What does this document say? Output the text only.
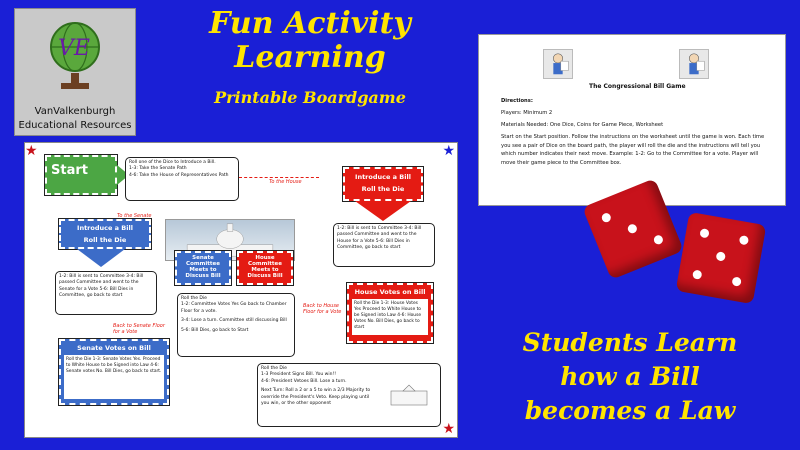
VE
VanValkenburgh
Educational Resources
Fun Activity
Learning
Printable Boardgame
The Congressional Bill Game
Directions:
Players: Minimum 2
Materials Needed: One Dice, Coins for Game Piece, Worksheet
Start on the Start position. Follow the instructions on the worksheet until the game is won. Each time you see a pair of Dice on the board path, the player will roll the die and the instructions will tell you which number indicates their next move. Example: 1-2: Go to the Committee for a vote. Player will move their game piece to the Committee box.
★	★
★
Start
Roll one of the Dice to Introduce a Bill.
1-3: Take the Senate Path
4-6: Take the House of Representatives Path
To the House
To the Senate
Introduce a Bill
Roll the Die
Introduce a Bill
Roll the Die
1-2: Bill is sent to Committee 3-4: Bill passed Committee and went to the House for a Vote 5-6: Bill Dies in Committee, go back to start
1-2: Bill is sent to Committee 3-4: Bill passed Committee and went to the Senate for a Vote 5-6: Bill Dies in Committee, go back to start
Senate Committee Meets to Discuss Bill
House Committee Meets to Discuss Bill
Roll the Die
1-2: Committee Votes Yes Go back to Chamber Floor for a vote.
3-4: Lose a turn. Committee still discussing Bill
5-6: Bill Dies, go back to Start
Back to House Floor for a Vote
Back to Senate Floor for a Vote
House Votes on Bill
Roll the Die 1-3: House Votes Yes Proceed to White House to be Signed into Law 4-6: House Votes No. Bill Dies, go back to start
Senate Votes on Bill
Roll the Die 1-3: Senate Votes Yes. Proceed to White House to be Signed into Law 4-6: Senate votes No. Bill Dies, go back to start.
Roll the Die
1-3 President Signs Bill. You win!!
4-6: President Vetoes Bill. Lose a turn.
Next Turn: Roll a 2 or a 5 to win a 2/3 Majority to override the President's Veto. Keep playing until you win, or the other opponent
Students Learn
how a Bill
becomes a Law
